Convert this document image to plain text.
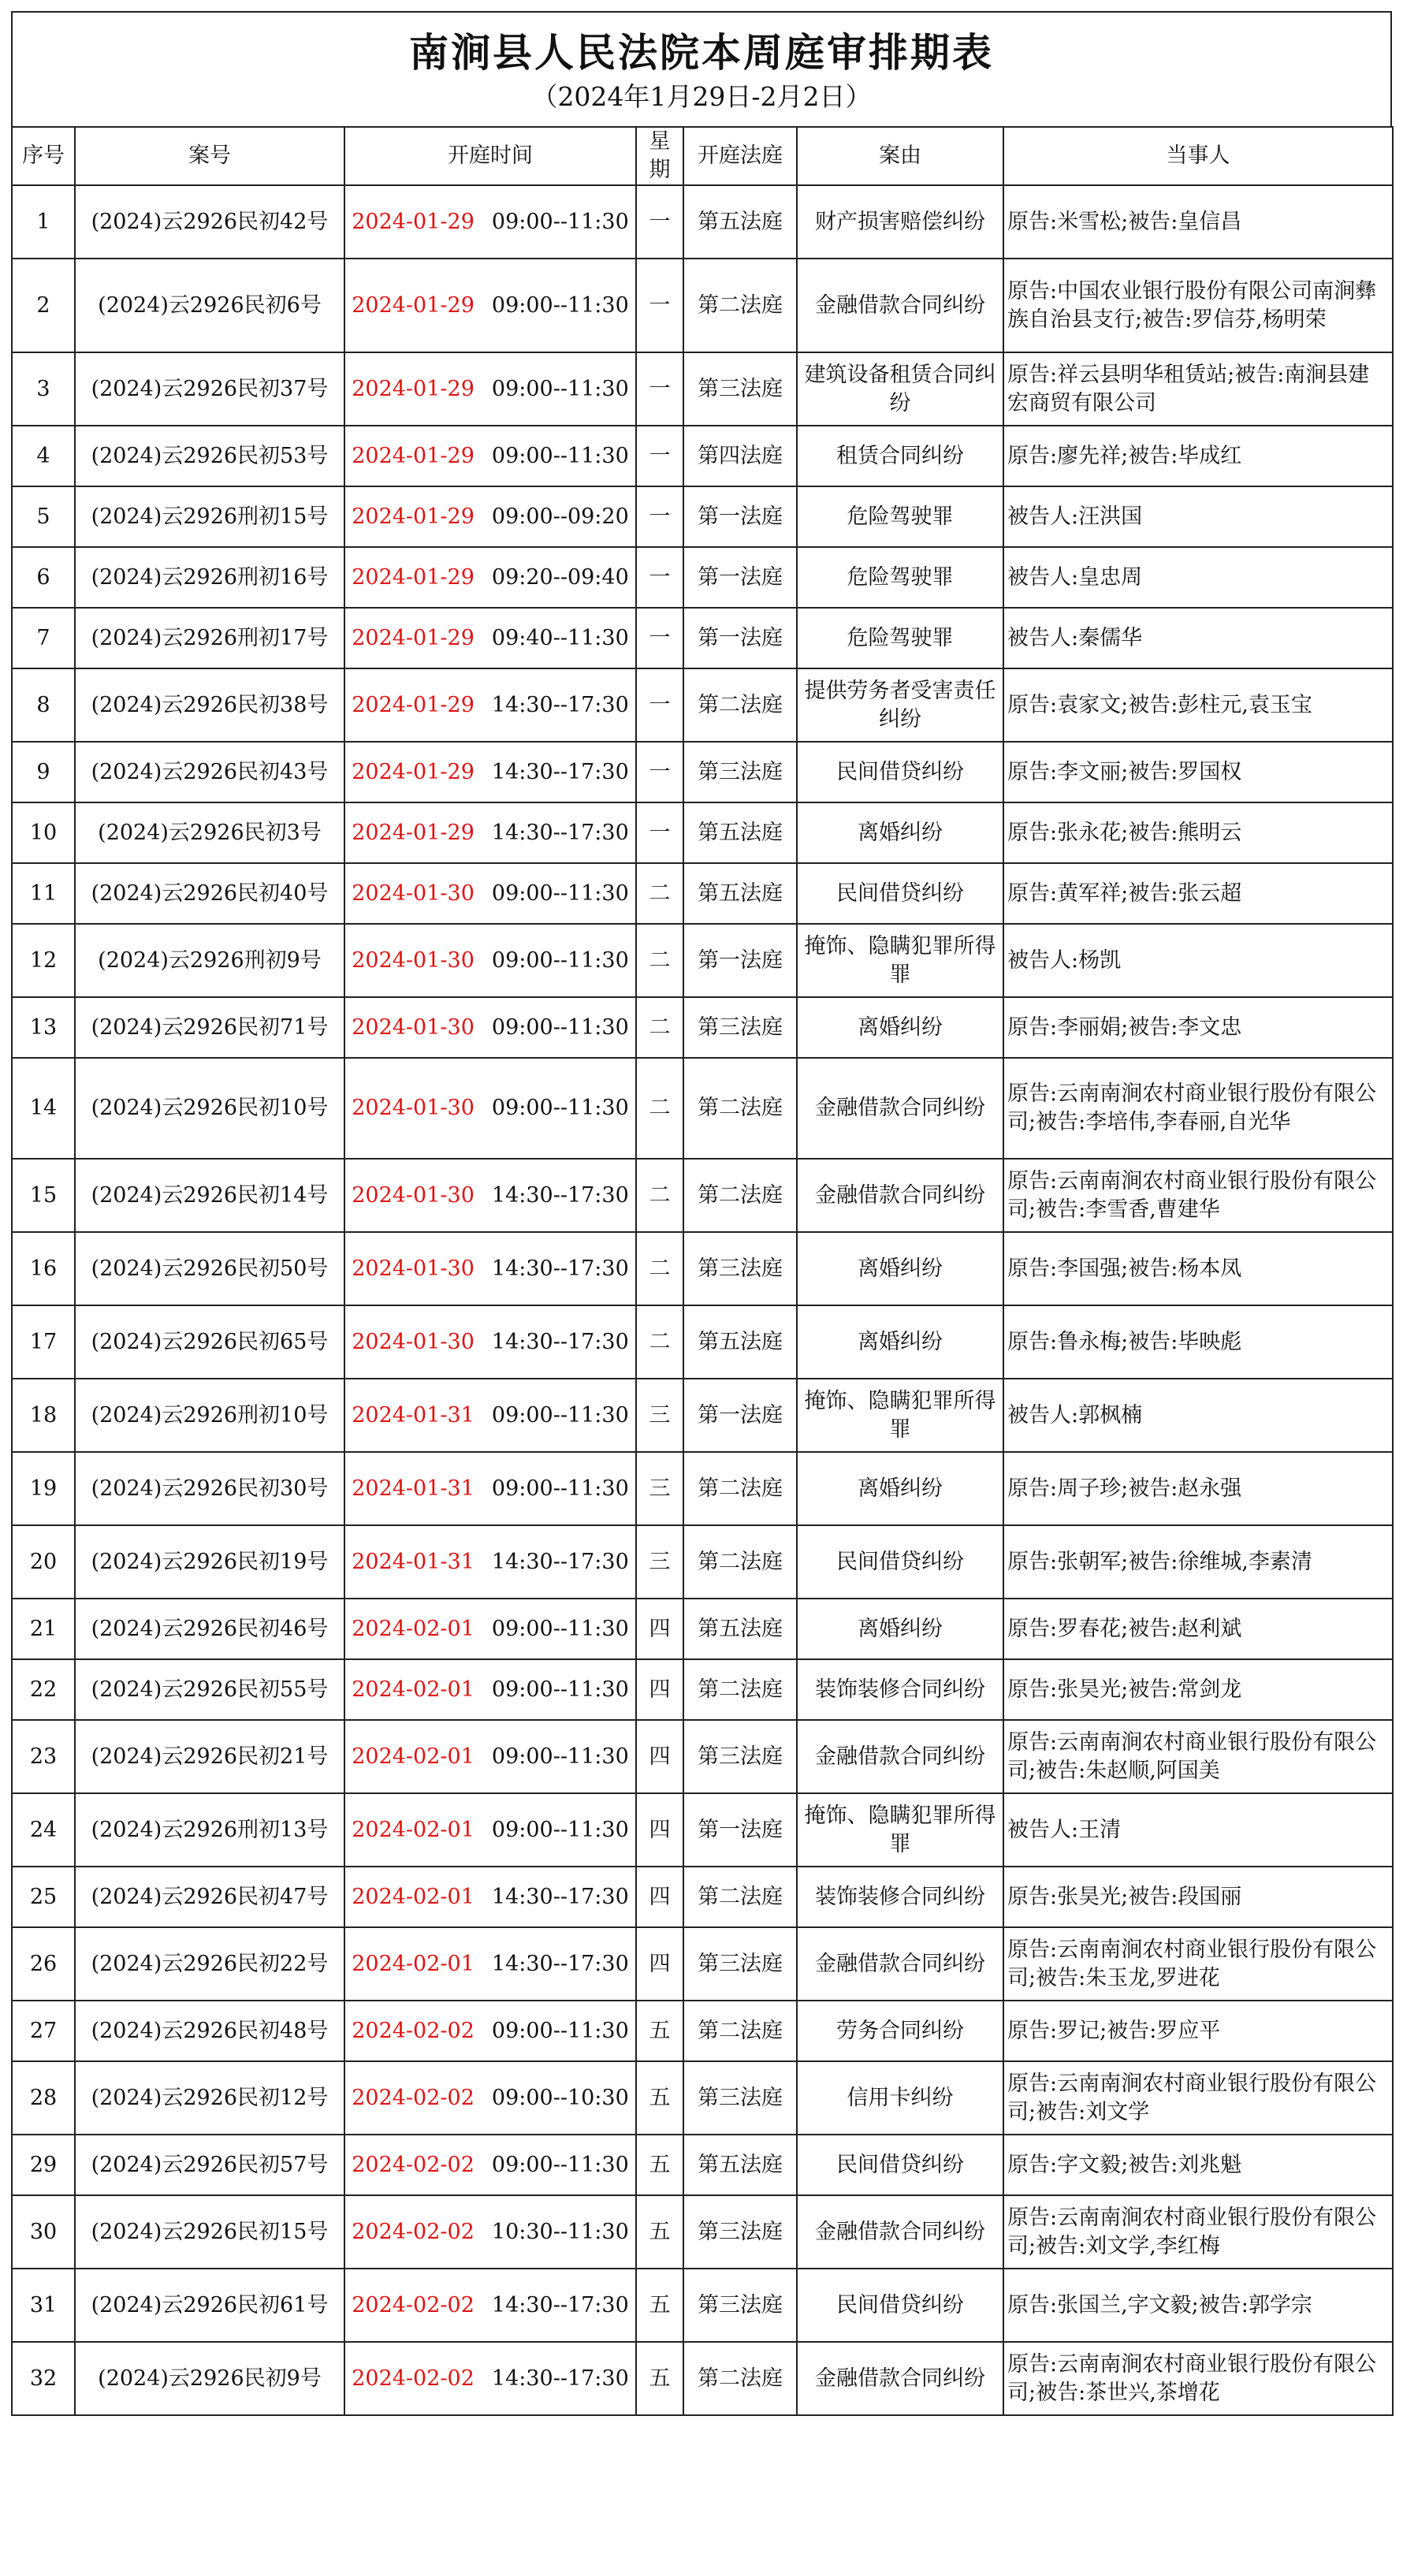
南涧县人民法院本周庭审排期表
（2024年1月29日-2月2日）
序号	案号	开庭时间	星期	开庭法庭	案由	当事人
1	(2024)云2926民初42号	2024-01-29 09:00--11:30	一	第五法庭	财产损害赔偿纠纷	原告:米雪松;被告:皇信昌
2	(2024)云2926民初6号	2024-01-29 09:00--11:30	一	第二法庭	金融借款合同纠纷	原告:中国农业银行股份有限公司南涧彝族自治县支行;被告:罗信芬,杨明荣
3	(2024)云2926民初37号	2024-01-29 09:00--11:30	一	第三法庭	建筑设备租赁合同纠纷	原告:祥云县明华租赁站;被告:南涧县建宏商贸有限公司
4	(2024)云2926民初53号	2024-01-29 09:00--11:30	一	第四法庭	租赁合同纠纷	原告:廖先祥;被告:毕成红
5	(2024)云2926刑初15号	2024-01-29 09:00--09:20	一	第一法庭	危险驾驶罪	被告人:汪洪国
6	(2024)云2926刑初16号	2024-01-29 09:20--09:40	一	第一法庭	危险驾驶罪	被告人:皇忠周
7	(2024)云2926刑初17号	2024-01-29 09:40--11:30	一	第一法庭	危险驾驶罪	被告人:秦儒华
8	(2024)云2926民初38号	2024-01-29 14:30--17:30	一	第二法庭	提供劳务者受害责任纠纷	原告:袁家文;被告:彭柱元,袁玉宝
9	(2024)云2926民初43号	2024-01-29 14:30--17:30	一	第三法庭	民间借贷纠纷	原告:李文丽;被告:罗国权
10	(2024)云2926民初3号	2024-01-29 14:30--17:30	一	第五法庭	离婚纠纷	原告:张永花;被告:熊明云
11	(2024)云2926民初40号	2024-01-30 09:00--11:30	二	第五法庭	民间借贷纠纷	原告:黄军祥;被告:张云超
12	(2024)云2926刑初9号	2024-01-30 09:00--11:30	二	第一法庭	掩饰、隐瞒犯罪所得罪	被告人:杨凯
13	(2024)云2926民初71号	2024-01-30 09:00--11:30	二	第三法庭	离婚纠纷	原告:李丽娟;被告:李文忠
14	(2024)云2926民初10号	2024-01-30 09:00--11:30	二	第二法庭	金融借款合同纠纷	原告:云南南涧农村商业银行股份有限公司;被告:李培伟,李春丽,自光华
15	(2024)云2926民初14号	2024-01-30 14:30--17:30	二	第二法庭	金融借款合同纠纷	原告:云南南涧农村商业银行股份有限公司;被告:李雪香,曹建华
16	(2024)云2926民初50号	2024-01-30 14:30--17:30	二	第三法庭	离婚纠纷	原告:李国强;被告:杨本凤
17	(2024)云2926民初65号	2024-01-30 14:30--17:30	二	第五法庭	离婚纠纷	原告:鲁永梅;被告:毕映彪
18	(2024)云2926刑初10号	2024-01-31 09:00--11:30	三	第一法庭	掩饰、隐瞒犯罪所得罪	被告人:郭枫楠
19	(2024)云2926民初30号	2024-01-31 09:00--11:30	三	第二法庭	离婚纠纷	原告:周子珍;被告:赵永强
20	(2024)云2926民初19号	2024-01-31 14:30--17:30	三	第二法庭	民间借贷纠纷	原告:张朝军;被告:徐维城,李素清
21	(2024)云2926民初46号	2024-02-01 09:00--11:30	四	第五法庭	离婚纠纷	原告:罗春花;被告:赵利斌
22	(2024)云2926民初55号	2024-02-01 09:00--11:30	四	第二法庭	装饰装修合同纠纷	原告:张昊光;被告:常剑龙
23	(2024)云2926民初21号	2024-02-01 09:00--11:30	四	第三法庭	金融借款合同纠纷	原告:云南南涧农村商业银行股份有限公司;被告:朱赵顺,阿国美
24	(2024)云2926刑初13号	2024-02-01 09:00--11:30	四	第一法庭	掩饰、隐瞒犯罪所得罪	被告人:王清
25	(2024)云2926民初47号	2024-02-01 14:30--17:30	四	第二法庭	装饰装修合同纠纷	原告:张昊光;被告:段国丽
26	(2024)云2926民初22号	2024-02-01 14:30--17:30	四	第三法庭	金融借款合同纠纷	原告:云南南涧农村商业银行股份有限公司;被告:朱玉龙,罗进花
27	(2024)云2926民初48号	2024-02-02 09:00--11:30	五	第二法庭	劳务合同纠纷	原告:罗记;被告:罗应平
28	(2024)云2926民初12号	2024-02-02 09:00--10:30	五	第三法庭	信用卡纠纷	原告:云南南涧农村商业银行股份有限公司;被告:刘文学
29	(2024)云2926民初57号	2024-02-02 09:00--11:30	五	第五法庭	民间借贷纠纷	原告:字文毅;被告:刘兆魁
30	(2024)云2926民初15号	2024-02-02 10:30--11:30	五	第三法庭	金融借款合同纠纷	原告:云南南涧农村商业银行股份有限公司;被告:刘文学,李红梅
31	(2024)云2926民初61号	2024-02-02 14:30--17:30	五	第三法庭	民间借贷纠纷	原告:张国兰,字文毅;被告:郭学宗
32	(2024)云2926民初9号	2024-02-02 14:30--17:30	五	第二法庭	金融借款合同纠纷	原告:云南南涧农村商业银行股份有限公司;被告:茶世兴,茶增花
